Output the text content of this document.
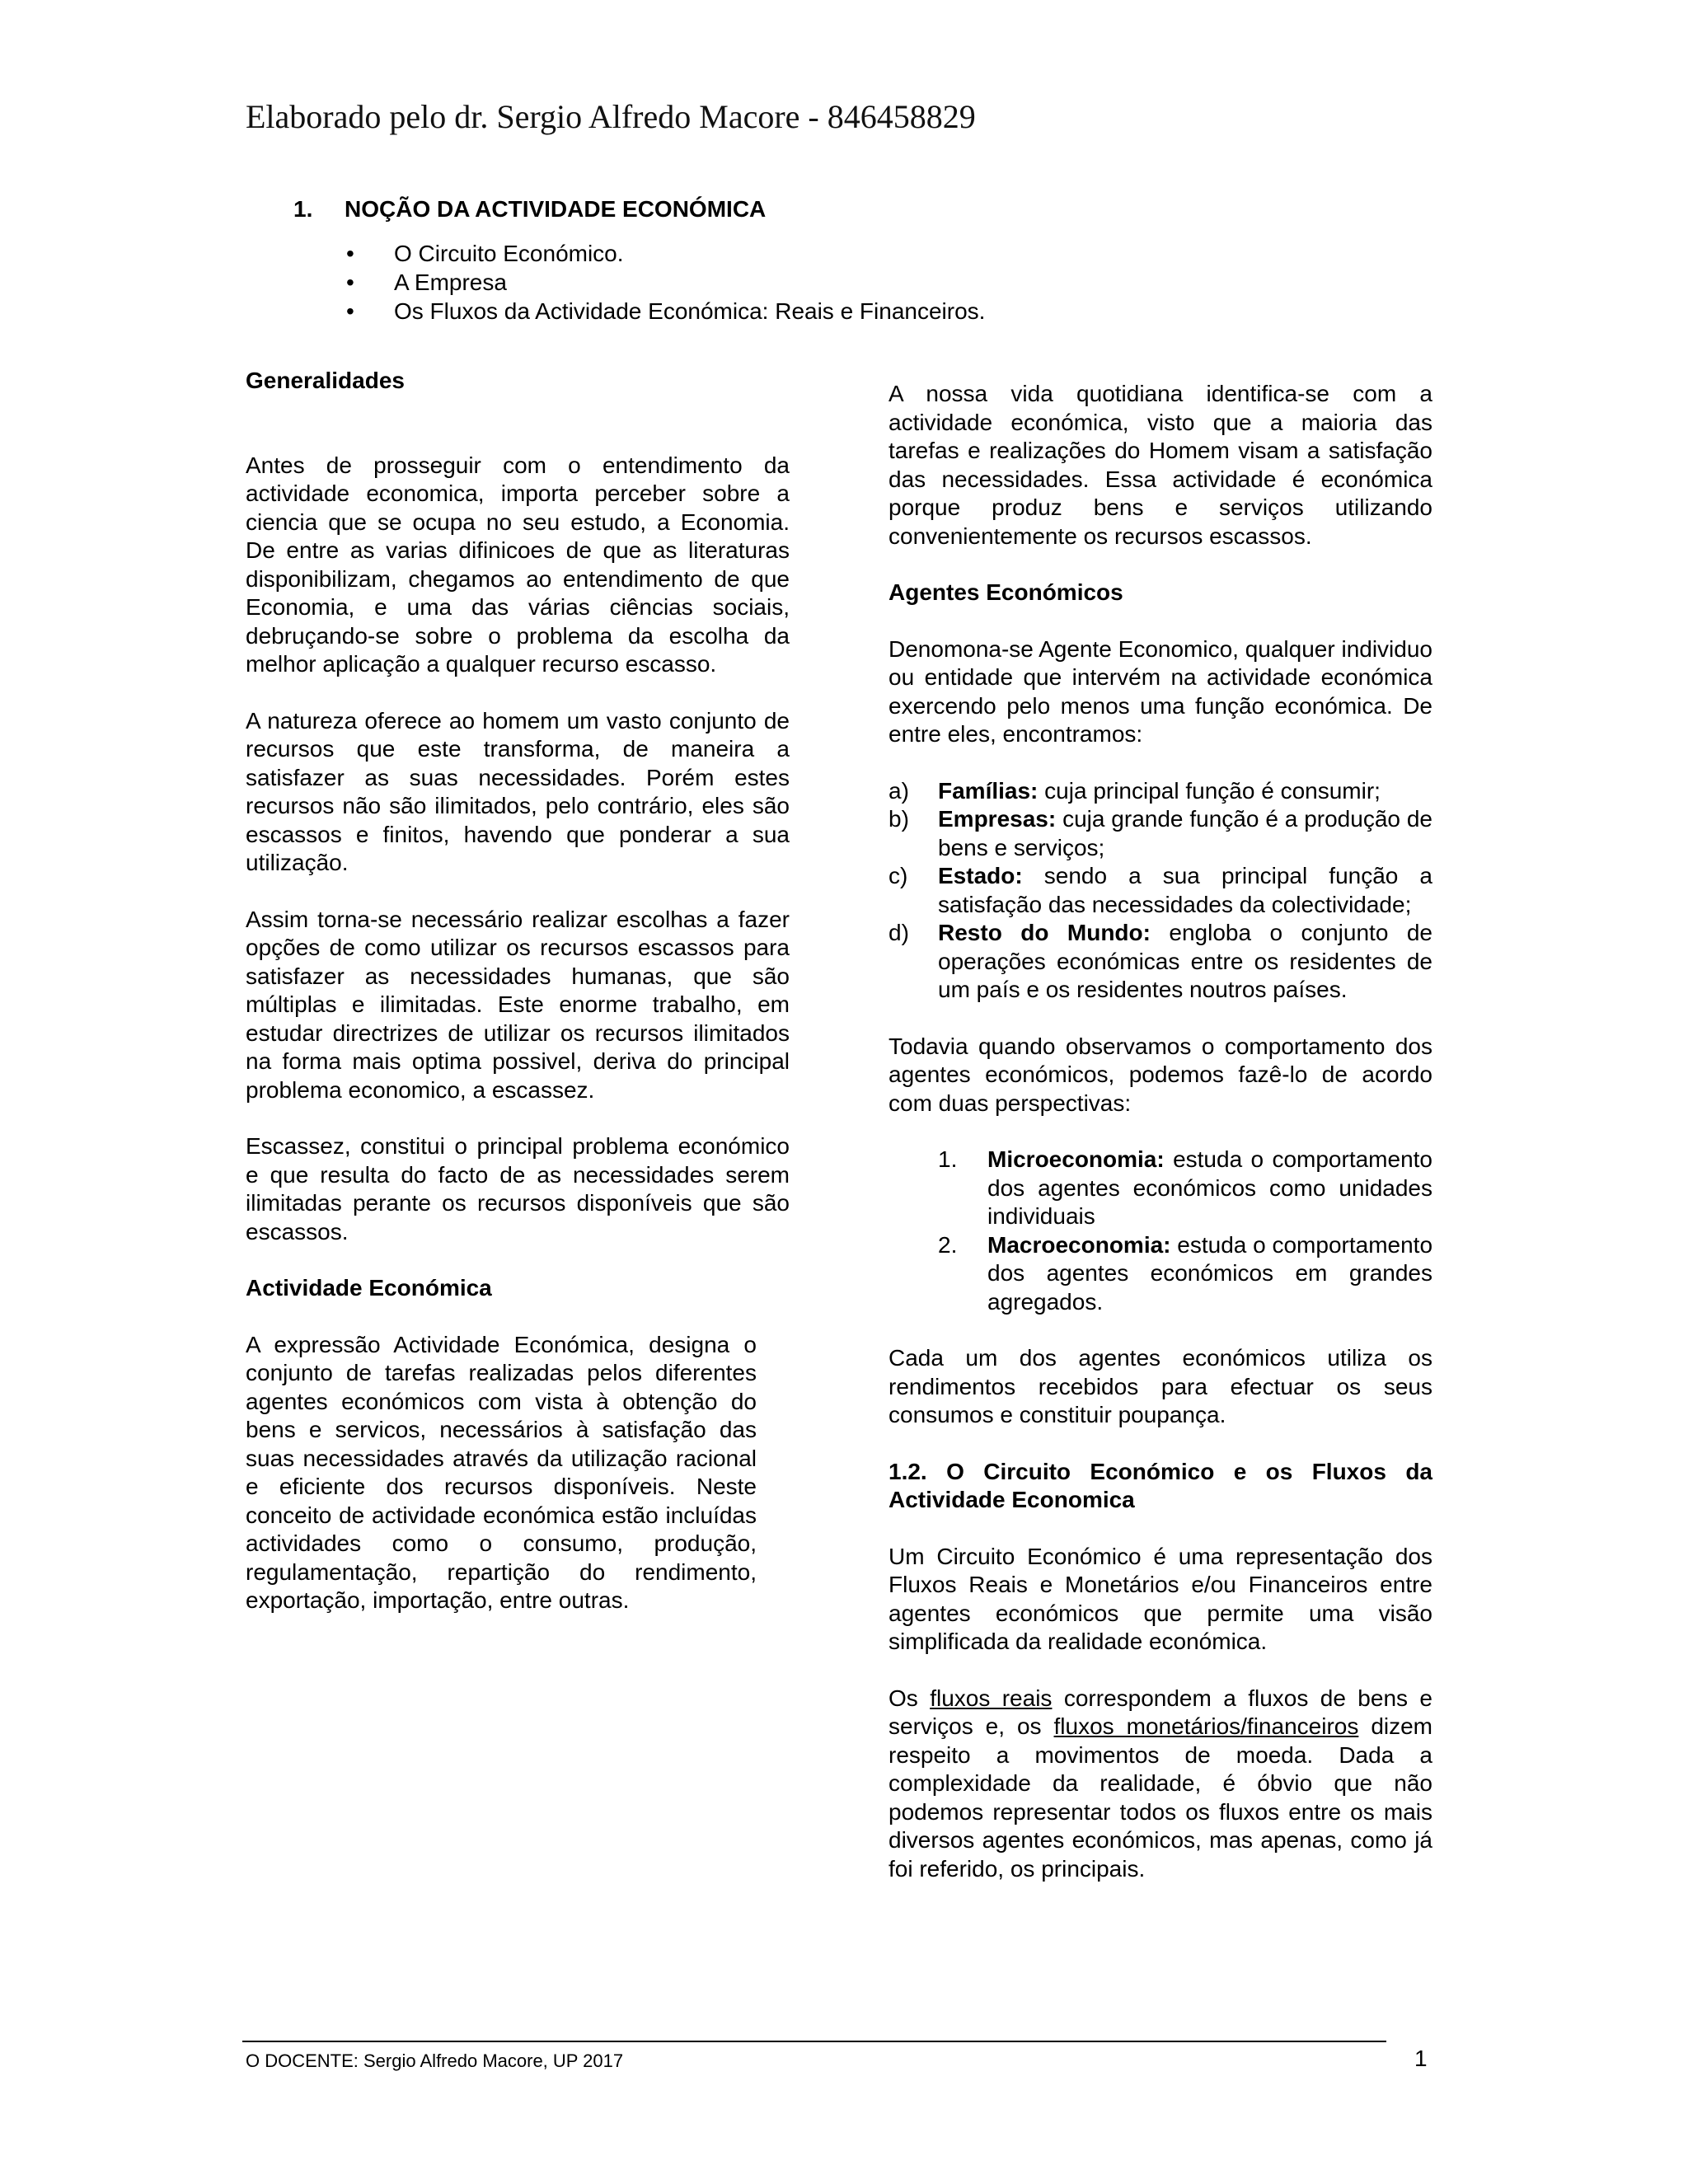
Elaborado pelo dr. Sergio Alfredo Macore - 846458829
1. NOÇÃO DA ACTIVIDADE ECONÓMICA
• O Circuito Económico.
• A Empresa
• Os Fluxos da Actividade Económica: Reais e Financeiros.
Generalidades

Antes de prosseguir com o entendimento da actividade economica, importa perceber sobre a ciencia que se ocupa no seu estudo, a Economia. De entre as varias difinicoes de que as literaturas disponibilizam, chegamos ao entendimento de que Economia, e uma das várias ciências sociais, debruçando-se sobre o problema da escolha da melhor aplicação a qualquer recurso escasso.

A natureza oferece ao homem um vasto conjunto de recursos que este transforma, de maneira a satisfazer as suas necessidades. Porém estes recursos não são ilimitados, pelo contrário, eles são escassos e finitos, havendo que ponderar a sua utilização.

Assim torna-se necessário realizar escolhas a fazer opções de como utilizar os recursos escassos para satisfazer as necessidades humanas, que são múltiplas e ilimitadas. Este enorme trabalho, em estudar directrizes de utilizar os recursos ilimitados na forma mais optima possivel, deriva do principal problema economico, a escassez.

Escassez, constitui o principal problema económico e que resulta do facto de as necessidades serem ilimitadas perante os recursos disponíveis que são escassos.

Actividade Económica

A expressão Actividade Económica, designa o conjunto de tarefas realizadas pelos diferentes agentes económicos com vista à obtenção do bens e servicos, necessários à satisfação das suas necessidades através da utilização racional e eficiente dos recursos disponíveis. Neste conceito de actividade económica estão incluídas actividades como o consumo, produção, regulamentação, repartição do rendimento, exportação, importação, entre outras.

A nossa vida quotidiana identifica-se com a actividade económica, visto que a maioria das tarefas e realizações do Homem visam a satisfação das necessidades. Essa actividade é económica porque produz bens e serviços utilizando convenientemente os recursos escassos.

Agentes Económicos

Denomona-se Agente Economico, qualquer individuo ou entidade que intervém na actividade económica exercendo pelo menos uma função económica. De entre eles, encontramos:

a) Famílias: cuja principal função é consumir;
b) Empresas: cuja grande função é a produção de bens e serviços;
c) Estado: sendo a sua principal função a satisfação das necessidades da colectividade;
d) Resto do Mundo: engloba o conjunto de operações económicas entre os residentes de um país e os residentes noutros países.

Todavia quando observamos o comportamento dos agentes económicos, podemos fazê-lo de acordo com duas perspectivas:

1. Microeconomia: estuda o comportamento dos agentes económicos como unidades individuais
2. Macroeconomia: estuda o comportamento dos agentes económicos em grandes agregados.

Cada um dos agentes económicos utiliza os rendimentos recebidos para efectuar os seus consumos e constituir poupança.

1.2. O Circuito Económico e os Fluxos da Actividade Economica

Um Circuito Económico é uma representação dos Fluxos Reais e Monetários e/ou Financeiros entre agentes económicos que permite uma visão simplificada da realidade económica.

Os fluxos reais correspondem a fluxos de bens e serviços e, os fluxos monetários/financeiros dizem respeito a movimentos de moeda. Dada a complexidade da realidade, é óbvio que não podemos representar todos os fluxos entre os mais diversos agentes económicos, mas apenas, como já foi referido, os principais.

O DOCENTE: Sergio Alfredo Macore, UP 2017	1
